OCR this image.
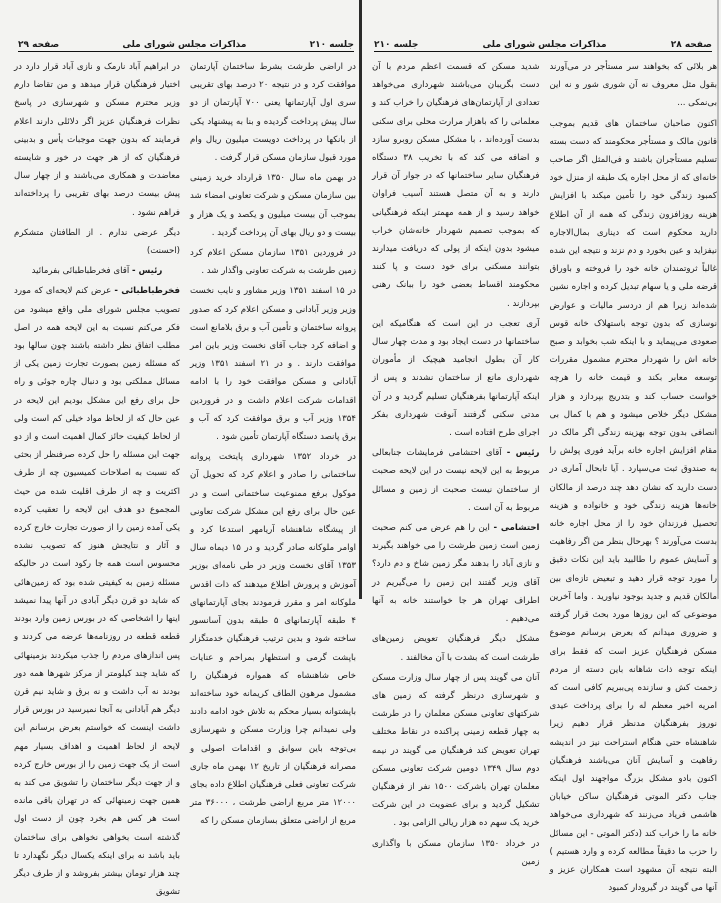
صفحه ۲۹	مذاکرات مجلس شورای ملی	جلسه ۲۱۰

در اراضی طرشت بشرط ساختمان آپارتمان موافقت کرد و در نتیجه ۲۰ درصد بهای تقریبی سری اول آپارتمانها یعنی ۷۰۰ آپارتمان از دو سال پیش پرداخت گردیده و بنا به پیشنهاد یکی از بانکها در پرداخت دویست میلیون ریال وام مورد قبول سازمان مسکن قرار گرفت .

در بهمن ماه سال ۱۳۵۰ قرارداد خرید زمینی بین سازمان مسکن و شرکت تعاونی امضاء شد بموجب آن بیست میلیون و یکصد و یک هزار و بیست و دو ریال بهای آن پرداخت گردید .

در فروردین ۱۳۵۱ سازمان مسکن اعلام کرد زمین طرشت به شرکت تعاونی واگذار شد .

در ۱۵ اسفند ۱۳۵۱ وزیر مشاور و نایب نخست وزیر وزیر آبادانی و مسکن اعلام کرد که صدور پروانه ساختمان و تأمین آب و برق بلامانع است و اضافه کرد جناب آقای نخست وزیر باین امر موافقت دارند . و در ۲۱ اسفند ۱۳۵۱ وزیر آبادانی و مسکن موافقت خود را با ادامه اقدامات شرکت اعلام داشت و در فروردین ۱۳۵۴ وزیر آب و برق موافقت کرد که آب و برق پانصد دستگاه آپارتمان تأمین شود .

در خرداد ۱۳۵۲ شهرداری پایتخت پروانه ساختمانی را صادر و اعلام کرد که تحویل آن موکول برفع ممنوعیت ساختمانی است و در عین حال برای رفع این مشکل شرکت تعاونی از پیشگاه شاهنشاه آریامهر استدعا کرد و اوامر ملوکانه صادر گردید و در ۱۵ دیماه سال ۱۳۵۳ آقای نخست وزیر در طی نامه‌ای بوزیر آموزش و پرورش اطلاع میدهند که ذات اقدس ملوکانه امر و مقرر فرمودند بجای آپارتمانهای ۴ طبقه آپارتمانهای ۵ طبقه بدون آسانسور ساخته شود و بدین ترتیب فرهنگیان خدمتگزار باپشت گرمی و استظهار بمراحم و عنایات خاص شاهنشاه که همواره فرهنگیان را مشمول مرهون الطاف کریمانه خود ساخته‌اند باپشتوانه بسیار محکم به تلاش خود ادامه دادند ولی نمیدانم چرا وزارت مسکن و شهرسازی بی‌توجه باین سوابق و اقدامات اصولی و مصرانه فرهنگیان از تاریخ ۱۲ بهمن ماه جاری شرکت تعاونی فعلی فرهنگیان اطلاع داده بجای ۱۲۰۰۰ متر مربع اراضی طرشت ، ۳۶۰۰۰ متر مربع از اراضی متعلق بسازمان مسکن را که

در ابراهیم آباد نارمک و نازی آباد قرار دارد در اختیار فرهنگیان قرار میدهد و من تقاضا دارم وزیر محترم مسکن و شهرسازی در پاسخ نظرات فرهنگیان عزیز اگر دلائلی دارند اعلام فرمایند که بدون جهت موجبات یأس و بدبینی فرهنگیان که از هر جهت در خور و شایسته معاضدت و همکاری می‌باشند و از چهار سال پیش بیست درصد بهای تقریبی را پرداخته‌اند فراهم نشود .

دیگر عرضی ندارم . از الطافتان متشکرم (احسنت)

رئیس - آقای فخرطباطبائی بفرمائید

فخرطباطبائی - عرض کنم لایحه‌ای که مورد تصویب مجلس شورای ملی واقع میشود من فکر می‌کنم نسبت به این لایحه همه در اصل مطلب اتفاق نظر داشته باشند چون سالها بود که مسئله زمین بصورت تجارت زمین یکی از مسائل مملکتی بود و دنبال چاره جوئی و راه حل برای رفع این مشکل بودیم این لایحه در عین حال که از لحاظ مواد خیلی کم است ولی از لحاظ کیفیت حائز کمال اهمیت است و از دو جهت این مسئله را حل کرده صرفنظر از بحثی که نسبت به اصلاحات کمیسیون چه از طرف اکثریت و چه از طرف اقلیت شده من حیث المجموع دو هدف این لایحه را تعقیب کرده یکی آمده زمین را از صورت تجارت خارج کرده و آثار و نتایجش هنوز که تصویب نشده محسوس است همه جا رکود است در حالیکه مسئله زمین به کیفیتی شده بود که زمین‌هائی که شاید دو قرن دیگر آبادی در آنها پیدا نمیشد اینها را اشخاصی که در بورس زمین وارد بودند قطعه قطعه در روزنامه‌ها عرضه می کردند و پس اندازهای مردم را جذب میکردند بزمینهائی که شاید چند کیلومتر از مرکز شهرها همه دور بودند نه آب داشت و نه برق و شاید نیم قرن دیگر هم آبادانی به آنجا نمیرسید در بورس قرار داشت اینست که خواستم بعرض برسانم این لایحه از لحاظ اهمیت و اهداف بسیار مهم است از یک جهت زمین را از بورس خارج کرده و از جهت دیگر ساختمان را تشویق می کند به همین جهت زمینهائی که در تهران باقی مانده است هر کس هم بخرد چون از دست اول گذشته است بخواهی نخواهی برای ساختمان باید باشد نه برای اینکه یکسال دیگر نگهدارد تا چند هزار تومان بیشتر بفروشد و از طرف دیگر تشویق

جلسه ۲۱۰	مذاکرات مجلس شورای ملی	صفحه ۲۸

هر بلائی که بخواهند سر مستأجر در می‌آورند بقول مثل معروف نه آن شوری شور و نه این بی‌نمکی ...

اکنون صاحبان ساختمان های قدیم بموجب قانون مالک و مستأجر محکومند که دست بسته تسلیم مستأجران باشند و فی‌المثل اگر صاحب خانه‌ای که از محل اجاره یک طبقه از منزل خود کمبود زندگی خود را تأمین میکند با افزایش هزینه روزافزون زندگی که همه از آن اطلاع دارید محکوم است که دیناری بمال‌الاجاره نیفزاید و عین بخورد و دم نزند و نتیجه این شده غالباً ثروتمندان خانه خود را فروخته و باوراق قرضه ملی و یا سهام تبدیل کرده و اجاره نشین شده‌اند زیرا هم از دردسر مالیات و عوارض نوسازی که بدون توجه باستهلاک خانه قوس صعودی می‌پیماید و با اینکه شب بخوابد و صبح خانه اش را شهردار محترم مشمول مقررات توسعه معابر بکند و قیمت خانه را هرچه خواست حساب کند و بتدریج بپردازد و هزار مشکل دیگر خلاص میشود و هم با کمال بی انصافی بدون توجه بهزینه زندگی اگر مالک در مقام افزایش اجاره خانه برآید فوری پولش را به صندوق ثبت می‌سپارد . آیا تابحال آماری در دست دارید که نشان دهد چند درصد از مالکان خانه‌ها هزینه زندگی خود و خانواده و هزینه تحصیل فرزندان خود را از محل اجاره خانه بدست می‌آورند ؟ بهرحال بنظر من اگر رفاهیت و آسایش عموم را طالبید باید این نکات دقیق را مورد توجه قرار دهید و تبعیض تازه‌ای بین مالکان قدیم و جدید بوجود نیاورید . واما آخرین موضوعی که این روزها مورد بحث قرار گرفته و ضروری میدانم که بعرض برسانم موضوع مسکن فرهنگیان عزیز است که فقط برای اینکه توجه ذات شاهانه باین دسته از مردم زحمت کش و سازنده پی‌ببریم کافی است که امریه اخیر معظم له را برای پرداخت عیدی نوروز بفرهنگیان مدنظر قرار دهیم زیرا شاهنشاه حتی هنگام استراحت نیز در اندیشه رفاهیت و آسایش آنان می‌باشند فرهنگیان اکنون بادو مشکل بزرگ مواجهند اول اینکه جناب دکتر الموتی فرهنگیان ساکن خیابان هاشمی فریاد می‌زنند که شهرداری می‌خواهد خانه ما را خراب کند (دکتر الموتی - این مسائل را حزب ما دقیقاً مطالعه کرده و وارد هستیم ) البته نتیجه آن مشهود است همکاران عزیز و آنها می گویند در گیرودار کمبود

شدید مسکن که قسمت اعظم مردم با آن دست بگریبان می‌باشند شهرداری می‌خواهد تعدادی از آپارتمان‌های فرهنگیان را خراب کند و معلمانی را که باهزار مرارت محلی برای سکنی بدست آورده‌اند ، با مشکل مسکن روبرو سازد و اضافه می کند که با تخریب ۳۸ دستگاه فرهنگیان سایر ساختمانها که در جوار آن قرار دارند و به آن متصل هستند آسیب فراوان خواهد رسید و از همه مهمتر اینکه فرهنگیانی که بموجب تصمیم شهردار خانه‌شان خراب میشود بدون اینکه از پولی که دریافت میدارند بتوانند مسکنی برای خود دست و پا کنند محکومند اقساط بعضی خود را ببانک رهنی بپردازند .

آری تعجب در این است که هنگامیکه این ساختمانها در دست ایجاد بود و مدت چهار سال کار آن بطول انجامید هیچیک از مأموران شهرداری مانع از ساختمان نشدند و پس از اینکه آپارتمانها بفرهنگیان تسلیم گردید و در آن مدتی سکنی گرفتند آنوقت شهرداری بفکر اجرای طرح افتاده است .

رئیس - آقای احتشامی فرمایشات جنابعالی مربوط به این لایحه نیست در این لایحه صحبت از ساختمان نیست صحبت از زمین و مسائل مربوط به آن است .

احتشامی - این را هم عرض می کنم صحبت زمین است زمین طرشت را می خواهند بگیرند و نازی آباد را بدهند مگر زمین شاخ و دم دارد؟ آقای وزیر گفتند این زمین را می‌گیریم در اطراف تهران هر جا خواستند خانه به آنها می‌دهیم .

مشکل دیگر فرهنگیان تعویض زمین‌های طرشت است که بشدت با آن مخالفند .

آنان می گویند پس از چهار سال وزارت مسکن و شهرسازی درنظر گرفته که زمین های شرکتهای تعاونی مسکن معلمان را در طرشت به چهار قطعه زمینی پراکنده در نقاط مختلف تهران تعویض کند فرهنگیان می گویند در نیمه دوم سال ۱۳۴۹ دومین شرکت تعاونی مسکن معلمان تهران باشرکت ۱۵۰۰ نفر از فرهنگیان تشکیل گردید و برای عضویت در این شرکت خرید یک سهم ده هزار ریالی الزامی بود .

در خرداد ۱۳۵۰ سازمان مسکن با واگذاری زمین
